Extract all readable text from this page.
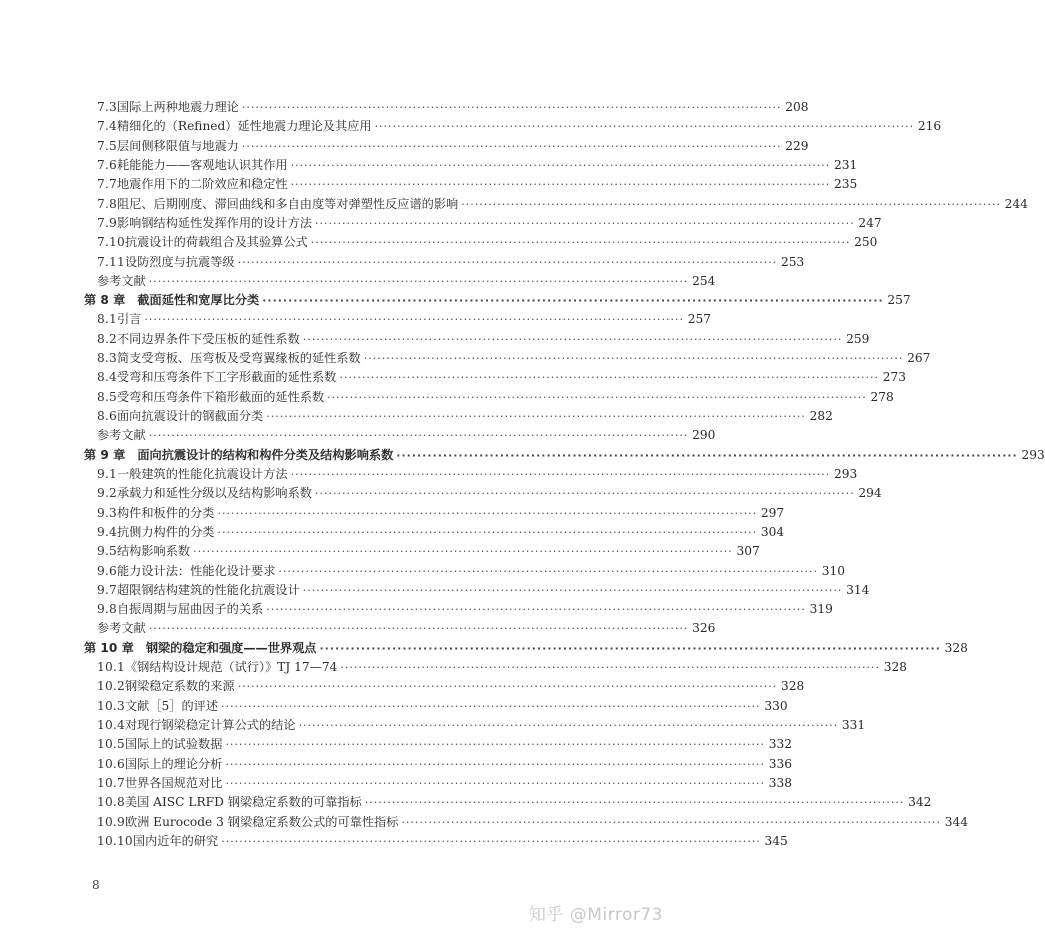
7.3 国际上两种地震力理论 ························································································································ 208
7.4 精细化的（Refined）延性地震力理论及其应用 ························································································································ 216
7.5 层间侧移限值与地震力 ························································································································ 229
7.6 耗能能力——客观地认识其作用 ························································································································ 231
7.7 地震作用下的二阶效应和稳定性 ························································································································ 235
7.8 阻尼、后期刚度、滞回曲线和多自由度等对弹塑性反应谱的影响 ························································································································ 244
7.9 影响钢结构延性发挥作用的设计方法 ························································································································ 247
7.10 抗震设计的荷载组合及其验算公式 ························································································································ 250
7.11 设防烈度与抗震等级 ························································································································ 253
参考文献 ························································································································ 254
第 8 章 截面延性和宽厚比分类 ························································································································ 257
8.1 引言 ························································································································ 257
8.2 不同边界条件下受压板的延性系数 ························································································································ 259
8.3 简支受弯板、压弯板及受弯翼缘板的延性系数 ························································································································ 267
8.4 受弯和压弯条件下工字形截面的延性系数 ························································································································ 273
8.5 受弯和压弯条件下箱形截面的延性系数 ························································································································ 278
8.6 面向抗震设计的钢截面分类 ························································································································ 282
参考文献 ························································································································ 290
第 9 章 面向抗震设计的结构和构件分类及结构影响系数 ························································································································ 293
9.1 一般建筑的性能化抗震设计方法 ························································································································ 293
9.2 承载力和延性分级以及结构影响系数 ························································································································ 294
9.3 构件和板件的分类 ························································································································ 297
9.4 抗侧力构件的分类 ························································································································ 304
9.5 结构影响系数 ························································································································ 307
9.6 能力设计法：性能化设计要求 ························································································································ 310
9.7 超限钢结构建筑的性能化抗震设计 ························································································································ 314
9.8 自振周期与屈曲因子的关系 ························································································································ 319
参考文献 ························································································································ 326
第 10 章 钢梁的稳定和强度——世界观点 ························································································································ 328
10.1 《钢结构设计规范（试行）》TJ 17—74 ························································································································ 328
10.2 钢梁稳定系数的来源 ························································································································ 328
10.3 文献［5］的评述 ························································································································ 330
10.4 对现行钢梁稳定计算公式的结论 ························································································································ 331
10.5 国际上的试验数据 ························································································································ 332
10.6 国际上的理论分析 ························································································································ 336
10.7 世界各国规范对比 ························································································································ 338
10.8 美国 AISC LRFD 钢梁稳定系数的可靠指标 ························································································································ 342
10.9 欧洲 Eurocode 3 钢梁稳定系数公式的可靠性指标 ························································································································ 344
10.10 国内近年的研究 ························································································································ 345
8
知乎 @Mirror73
